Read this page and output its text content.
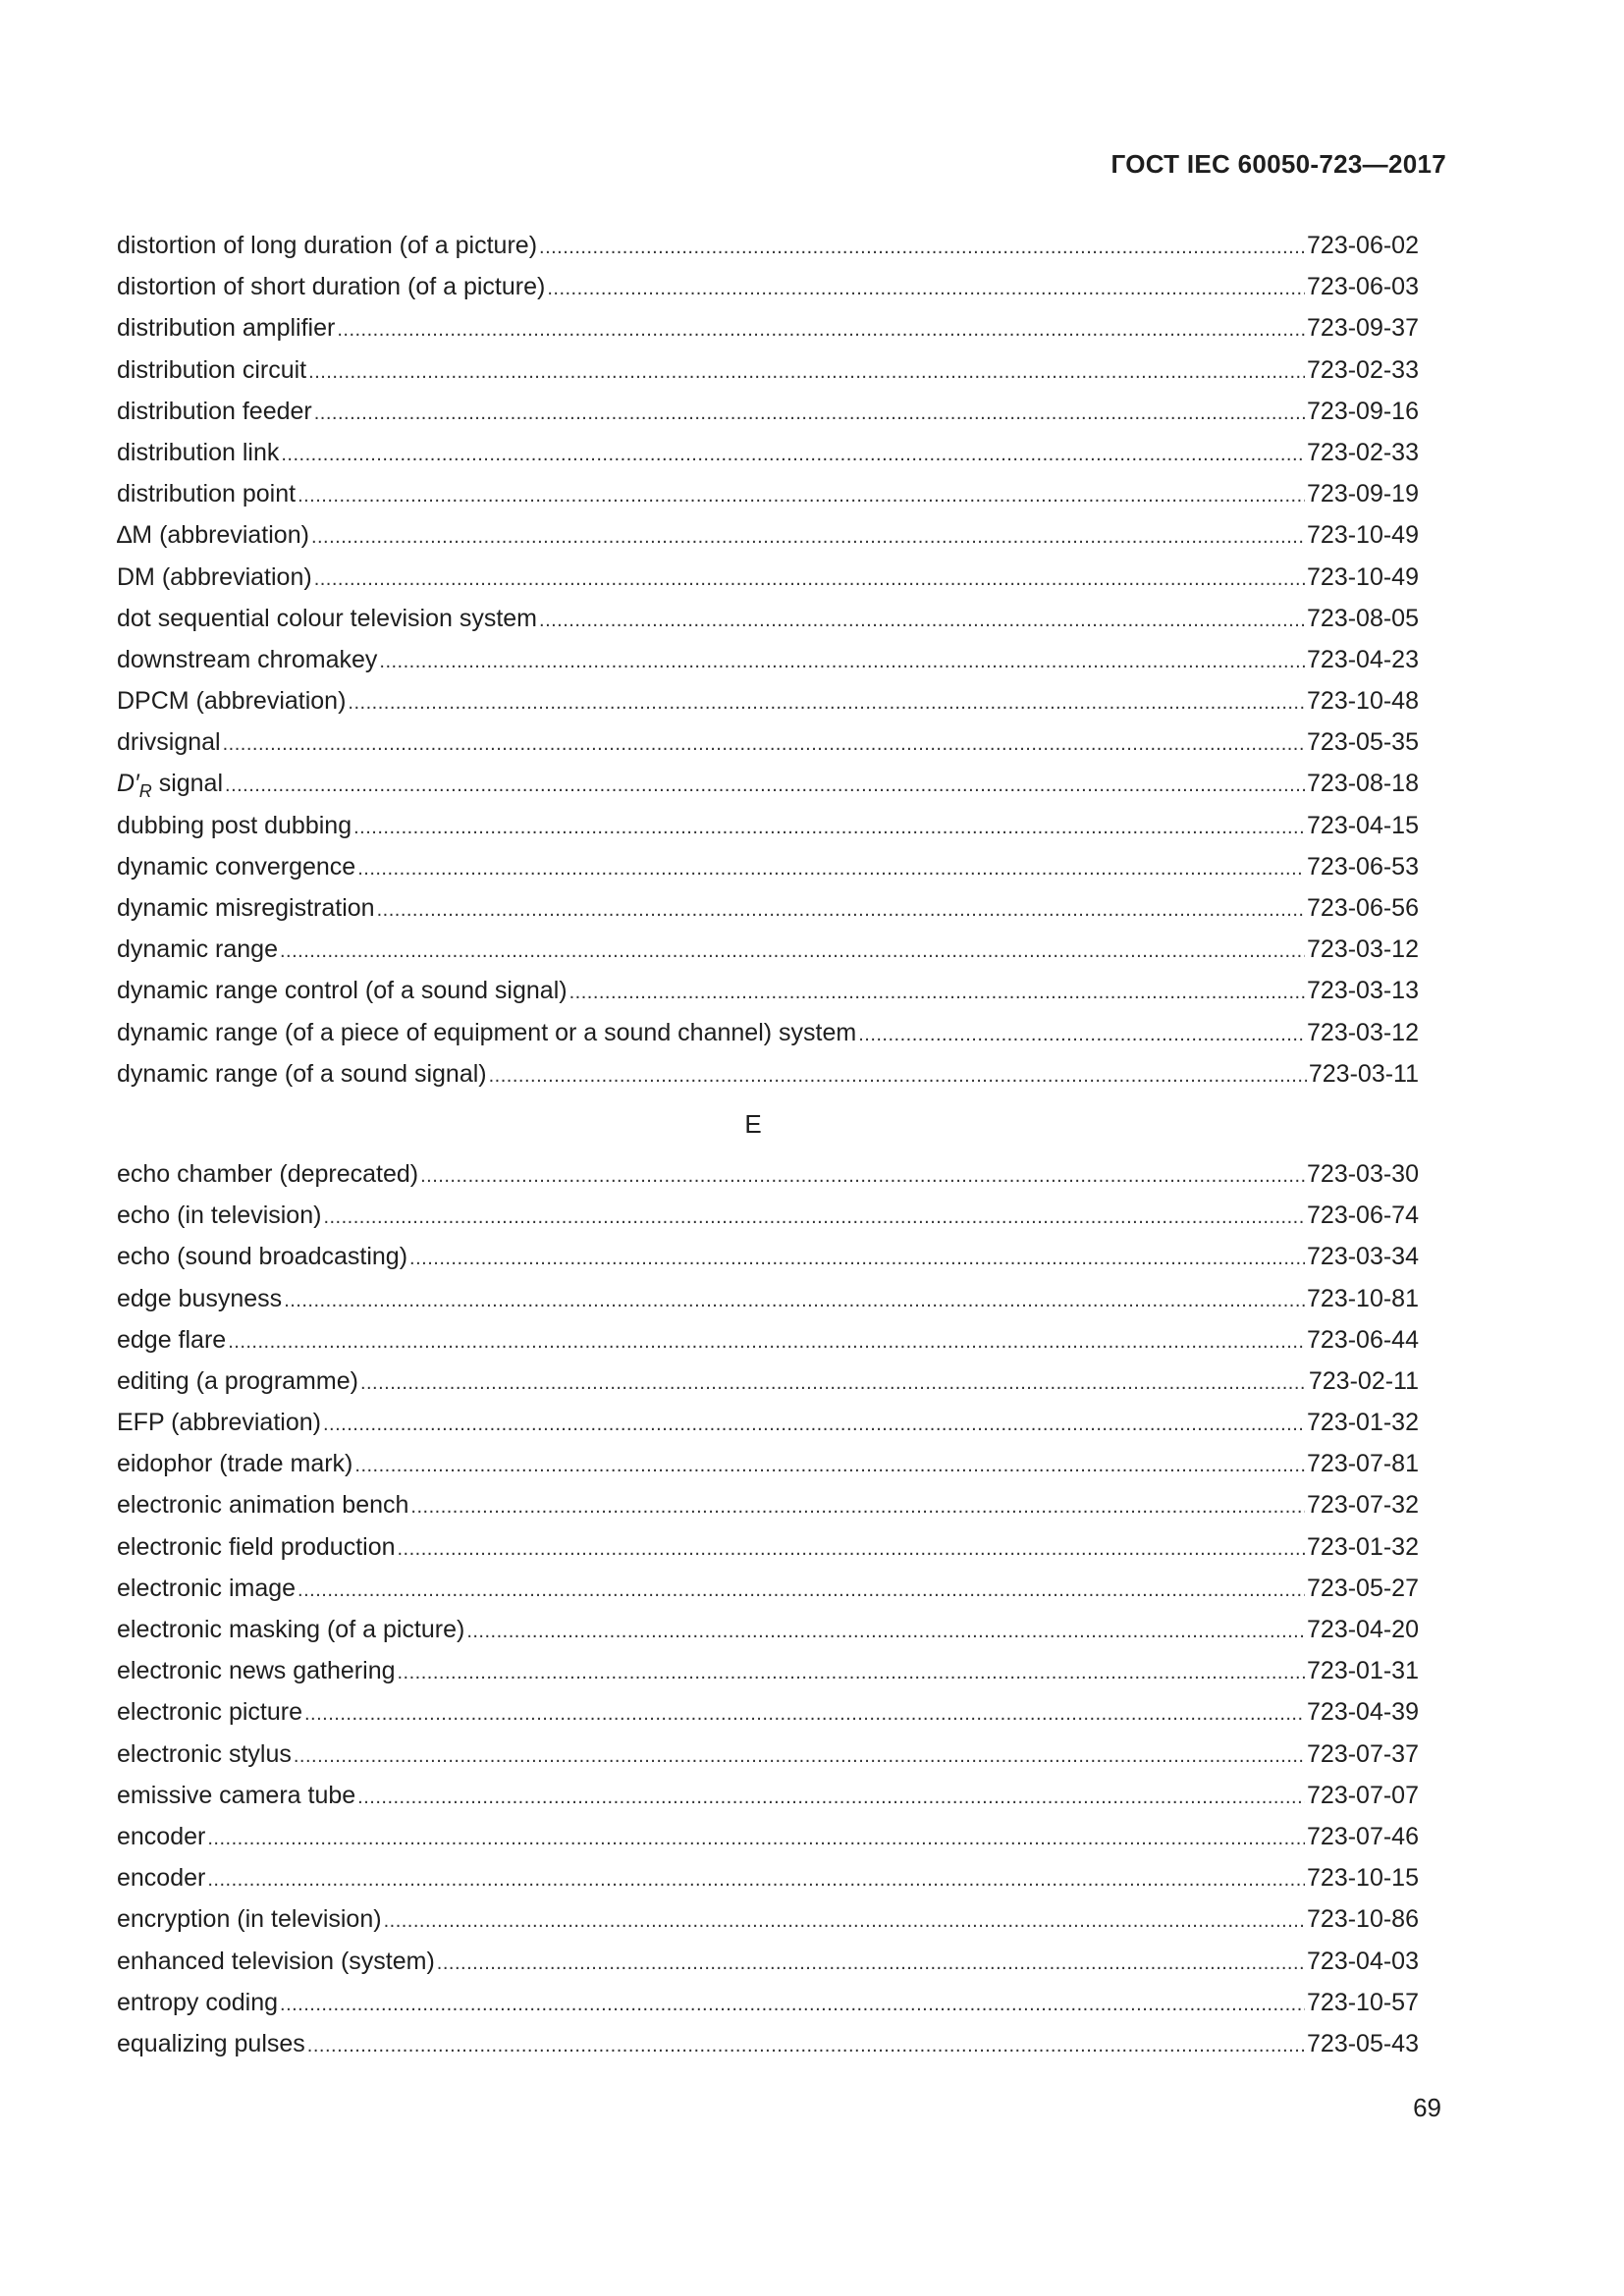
ГОСТ IEC 60050-723—2017
distortion of long duration (of a picture) .....	723-06-02
distortion of short duration (of a picture) .....	723-06-03
distribution amplifier .....	723-09-37
distribution circuit .....	723-02-33
distribution feeder .....	723-09-16
distribution link .....	723-02-33
distribution point .....	723-09-19
∆M (abbreviation) .....	723-10-49
DM (abbreviation) .....	723-10-49
dot sequential colour television system .....	723-08-05
downstream chromakey .....	723-04-23
DPCM (abbreviation) .....	723-10-48
drivsignal .....	723-05-35
$D'_R$ signal .....	723-08-18
dubbing post dubbing .....	723-04-15
dynamic convergence .....	723-06-53
dynamic misregistration .....	723-06-56
dynamic range .....	723-03-12
dynamic range control (of a sound signal) .....	723-03-13
dynamic range (of a piece of equipment or a sound channel) system .....	723-03-12
dynamic range (of a sound signal) .....	723-03-11
E
echo chamber (deprecated) .....	723-03-30
echo (in television) .....	723-06-74
echo (sound broadcasting) .....	723-03-34
edge busyness .....	723-10-81
edge flare .....	723-06-44
editing (a programme) .....	723-02-11
EFP (abbreviation) .....	723-01-32
eidophor (trade mark) .....	723-07-81
electronic animation bench .....	723-07-32
electronic field production .....	723-01-32
electronic image .....	723-05-27
electronic masking (of a picture) .....	723-04-20
electronic news gathering .....	723-01-31
electronic picture .....	723-04-39
electronic stylus .....	723-07-37
emissive camera tube .....	723-07-07
encoder .....	723-07-46
encoder .....	723-10-15
encryption (in television) .....	723-10-86
enhanced television (system) .....	723-04-03
entropy coding .....	723-10-57
equalizing pulses .....	723-05-43
69
